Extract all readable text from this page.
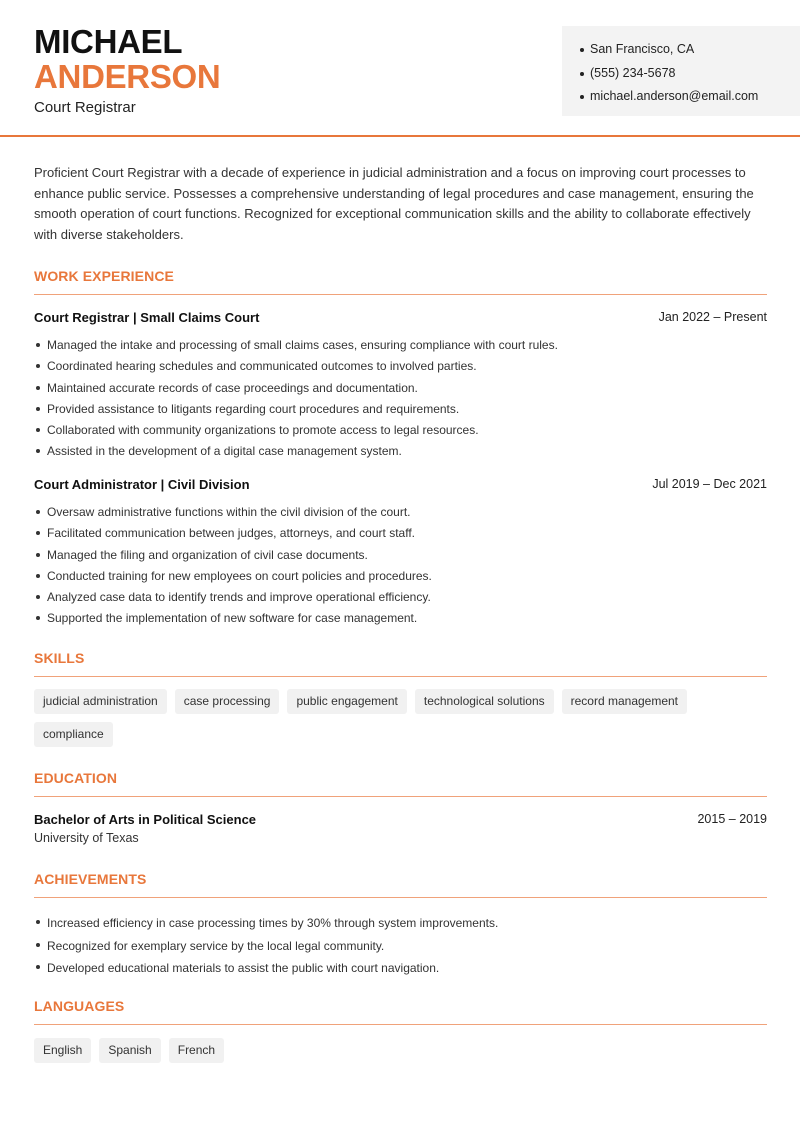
MICHAEL
ANDERSON
Court Registrar
San Francisco, CA
(555) 234-5678
michael.anderson@email.com

Proficient Court Registrar with a decade of experience in judicial administration and a focus on improving court processes to enhance public service. Possesses a comprehensive understanding of legal procedures and case management, ensuring the smooth operation of court functions. Recognized for exceptional communication skills and the ability to collaborate effectively with diverse stakeholders.

WORK EXPERIENCE
Court Registrar | Small Claims Court	Jan 2022 – Present
Managed the intake and processing of small claims cases, ensuring compliance with court rules.
Coordinated hearing schedules and communicated outcomes to involved parties.
Maintained accurate records of case proceedings and documentation.
Provided assistance to litigants regarding court procedures and requirements.
Collaborated with community organizations to promote access to legal resources.
Assisted in the development of a digital case management system.
Court Administrator | Civil Division	Jul 2019 – Dec 2021
Oversaw administrative functions within the civil division of the court.
Facilitated communication between judges, attorneys, and court staff.
Managed the filing and organization of civil case documents.
Conducted training for new employees on court policies and procedures.
Analyzed case data to identify trends and improve operational efficiency.
Supported the implementation of new software for case management.
SKILLS
judicial administration	case processing	public engagement	technological solutions	record management
compliance
EDUCATION
Bachelor of Arts in Political Science	2015 – 2019
University of Texas
ACHIEVEMENTS
Increased efficiency in case processing times by 30% through system improvements.
Recognized for exemplary service by the local legal community.
Developed educational materials to assist the public with court navigation.
LANGUAGES
English	Spanish	French
